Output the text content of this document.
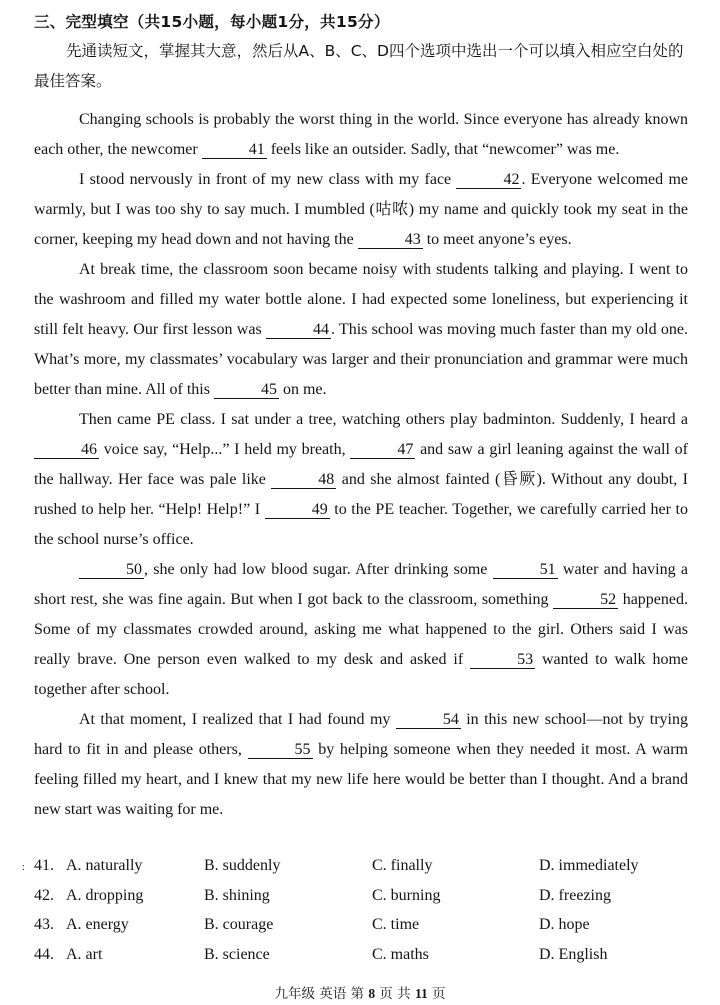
三、完型填空（共15小题，每小题1分，共15分）
先通读短文，掌握其大意，然后从A、B、C、D四个选项中选出一个可以填入相应空白处的最佳答案。

Changing schools is probably the worst thing in the world. Since everyone has already known each other, the newcomer	41 feels like an outsider. Sadly, that “newcomer” was me.

I stood nervously in front of my new class with my face	42 . Everyone welcomed me warmly, but I was too shy to say much. I mumbled (咕哝) my name and quickly took my seat in the corner, keeping my head down and not having the	43 to meet anyone’s eyes.

At break time, the classroom soon became noisy with students talking and playing. I went to the washroom and filled my water bottle alone. I had expected some loneliness, but experiencing it still felt heavy. Our first lesson was	44 . This school was moving much faster than my old one. What’s more, my classmates’ vocabulary was larger and their pronunciation and grammar were much better than mine. All of this	45 on me.

Then came PE class. I sat under a tree, watching others play badminton. Suddenly, I heard a 46 voice say, “Help...” I held my breath,	47 and saw a girl leaning against the wall of the hallway. Her face was pale like	48 and she almost fainted (昏厥). Without any doubt, I rushed to help her. “Help! Help!” I	49 to the PE teacher. Together, we carefully carried her to the school nurse’s office.

50 , she only had low blood sugar. After drinking some	51 water and having a short rest, she was fine again. But when I got back to the classroom, something	52 happened. Some of my classmates crowded around, asking me what happened to the girl. Others said I was really brave. One person even walked to my desk and asked if	53 wanted to walk home together after school.

At that moment, I realized that I had found my	54 in this new school—not by trying hard to fit in and please others,	55 by helping someone when they needed it most. A warm feeling filled my heart, and I knew that my new life here would be better than I thought. And a brand new start was waiting for me.

: 41. A. naturally	B. suddenly	C. finally	D. immediately
42. A. dropping	B. shining	C. burning	D. freezing
43. A. energy	B. courage	C. time	D. hope
44. A. art	B. science	C. maths	D. English
九年级 英语 第 8 页 共 11 页
